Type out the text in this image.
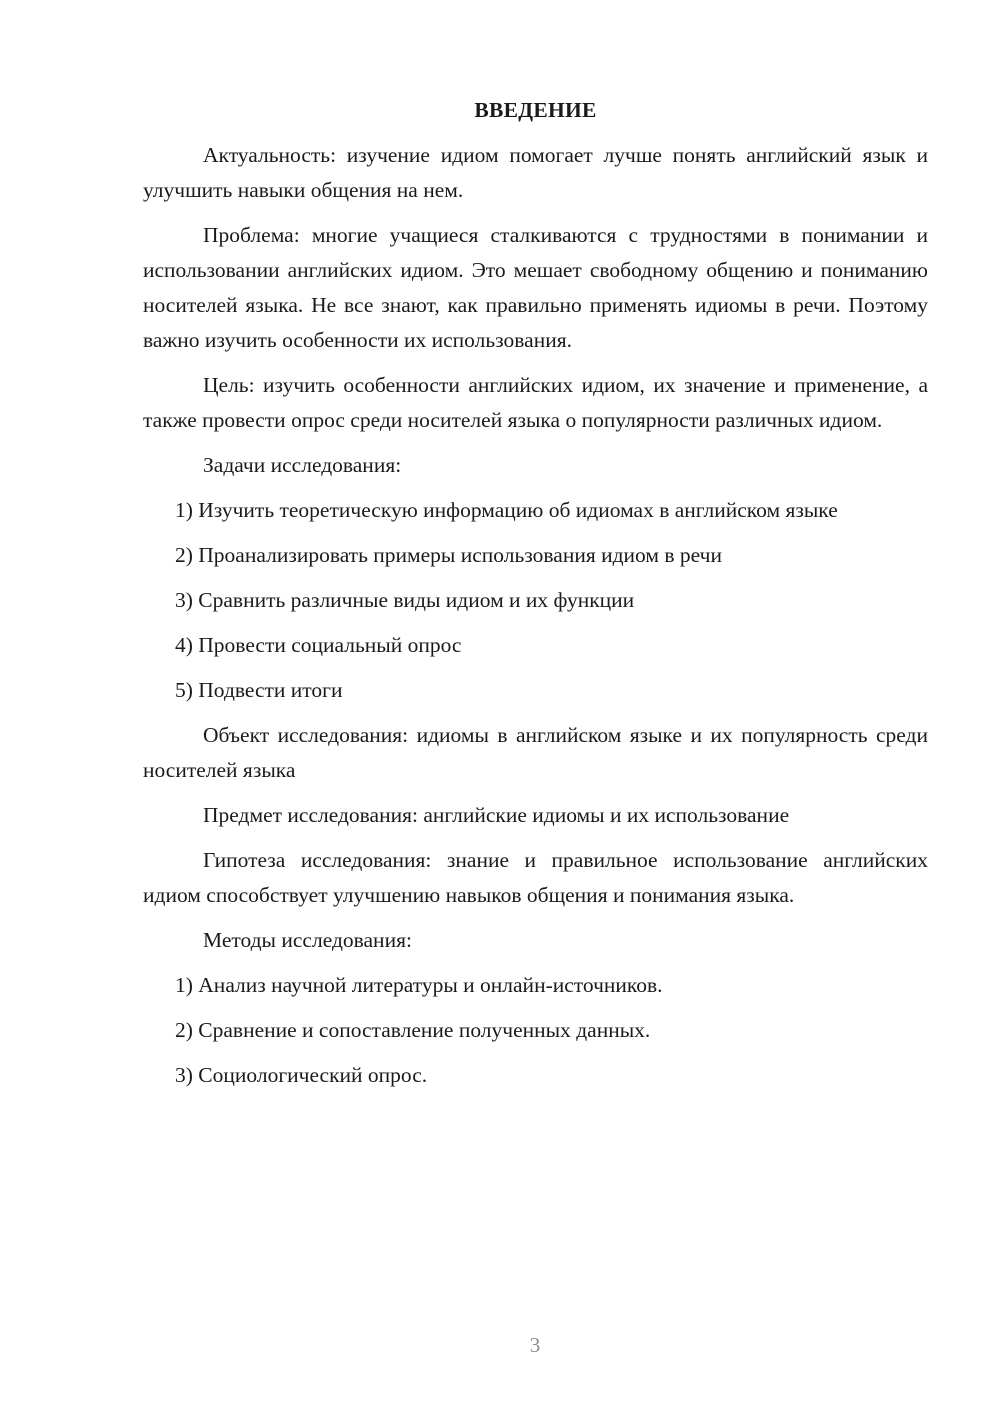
ВВЕДЕНИЕ
Актуальность: изучение идиом помогает лучше понять английский язык и улучшить навыки общения на нем.
Проблема: многие учащиеся сталкиваются с трудностями в понимании и использовании английских идиом. Это мешает свободному общению и пониманию носителей языка. Не все знают, как правильно применять идиомы в речи. Поэтому важно изучить особенности их использования.
Цель: изучить особенности английских идиом, их значение и применение, а также провести опрос среди носителей языка о популярности различных идиом.
Задачи исследования:
1) Изучить теоретическую информацию об идиомах в английском языке
2) Проанализировать примеры использования идиом в речи
3) Сравнить различные виды идиом и их функции
4) Провести социальный опрос
5) Подвести итоги
Объект исследования: идиомы в английском языке и их популярность среди носителей языка
Предмет исследования: английские идиомы и их использование
Гипотеза исследования: знание и правильное использование английских идиом способствует улучшению навыков общения и понимания языка.
Методы исследования:
1) Анализ научной литературы и онлайн-источников.
2) Сравнение и сопоставление полученных данных.
3) Социологический опрос.
3
